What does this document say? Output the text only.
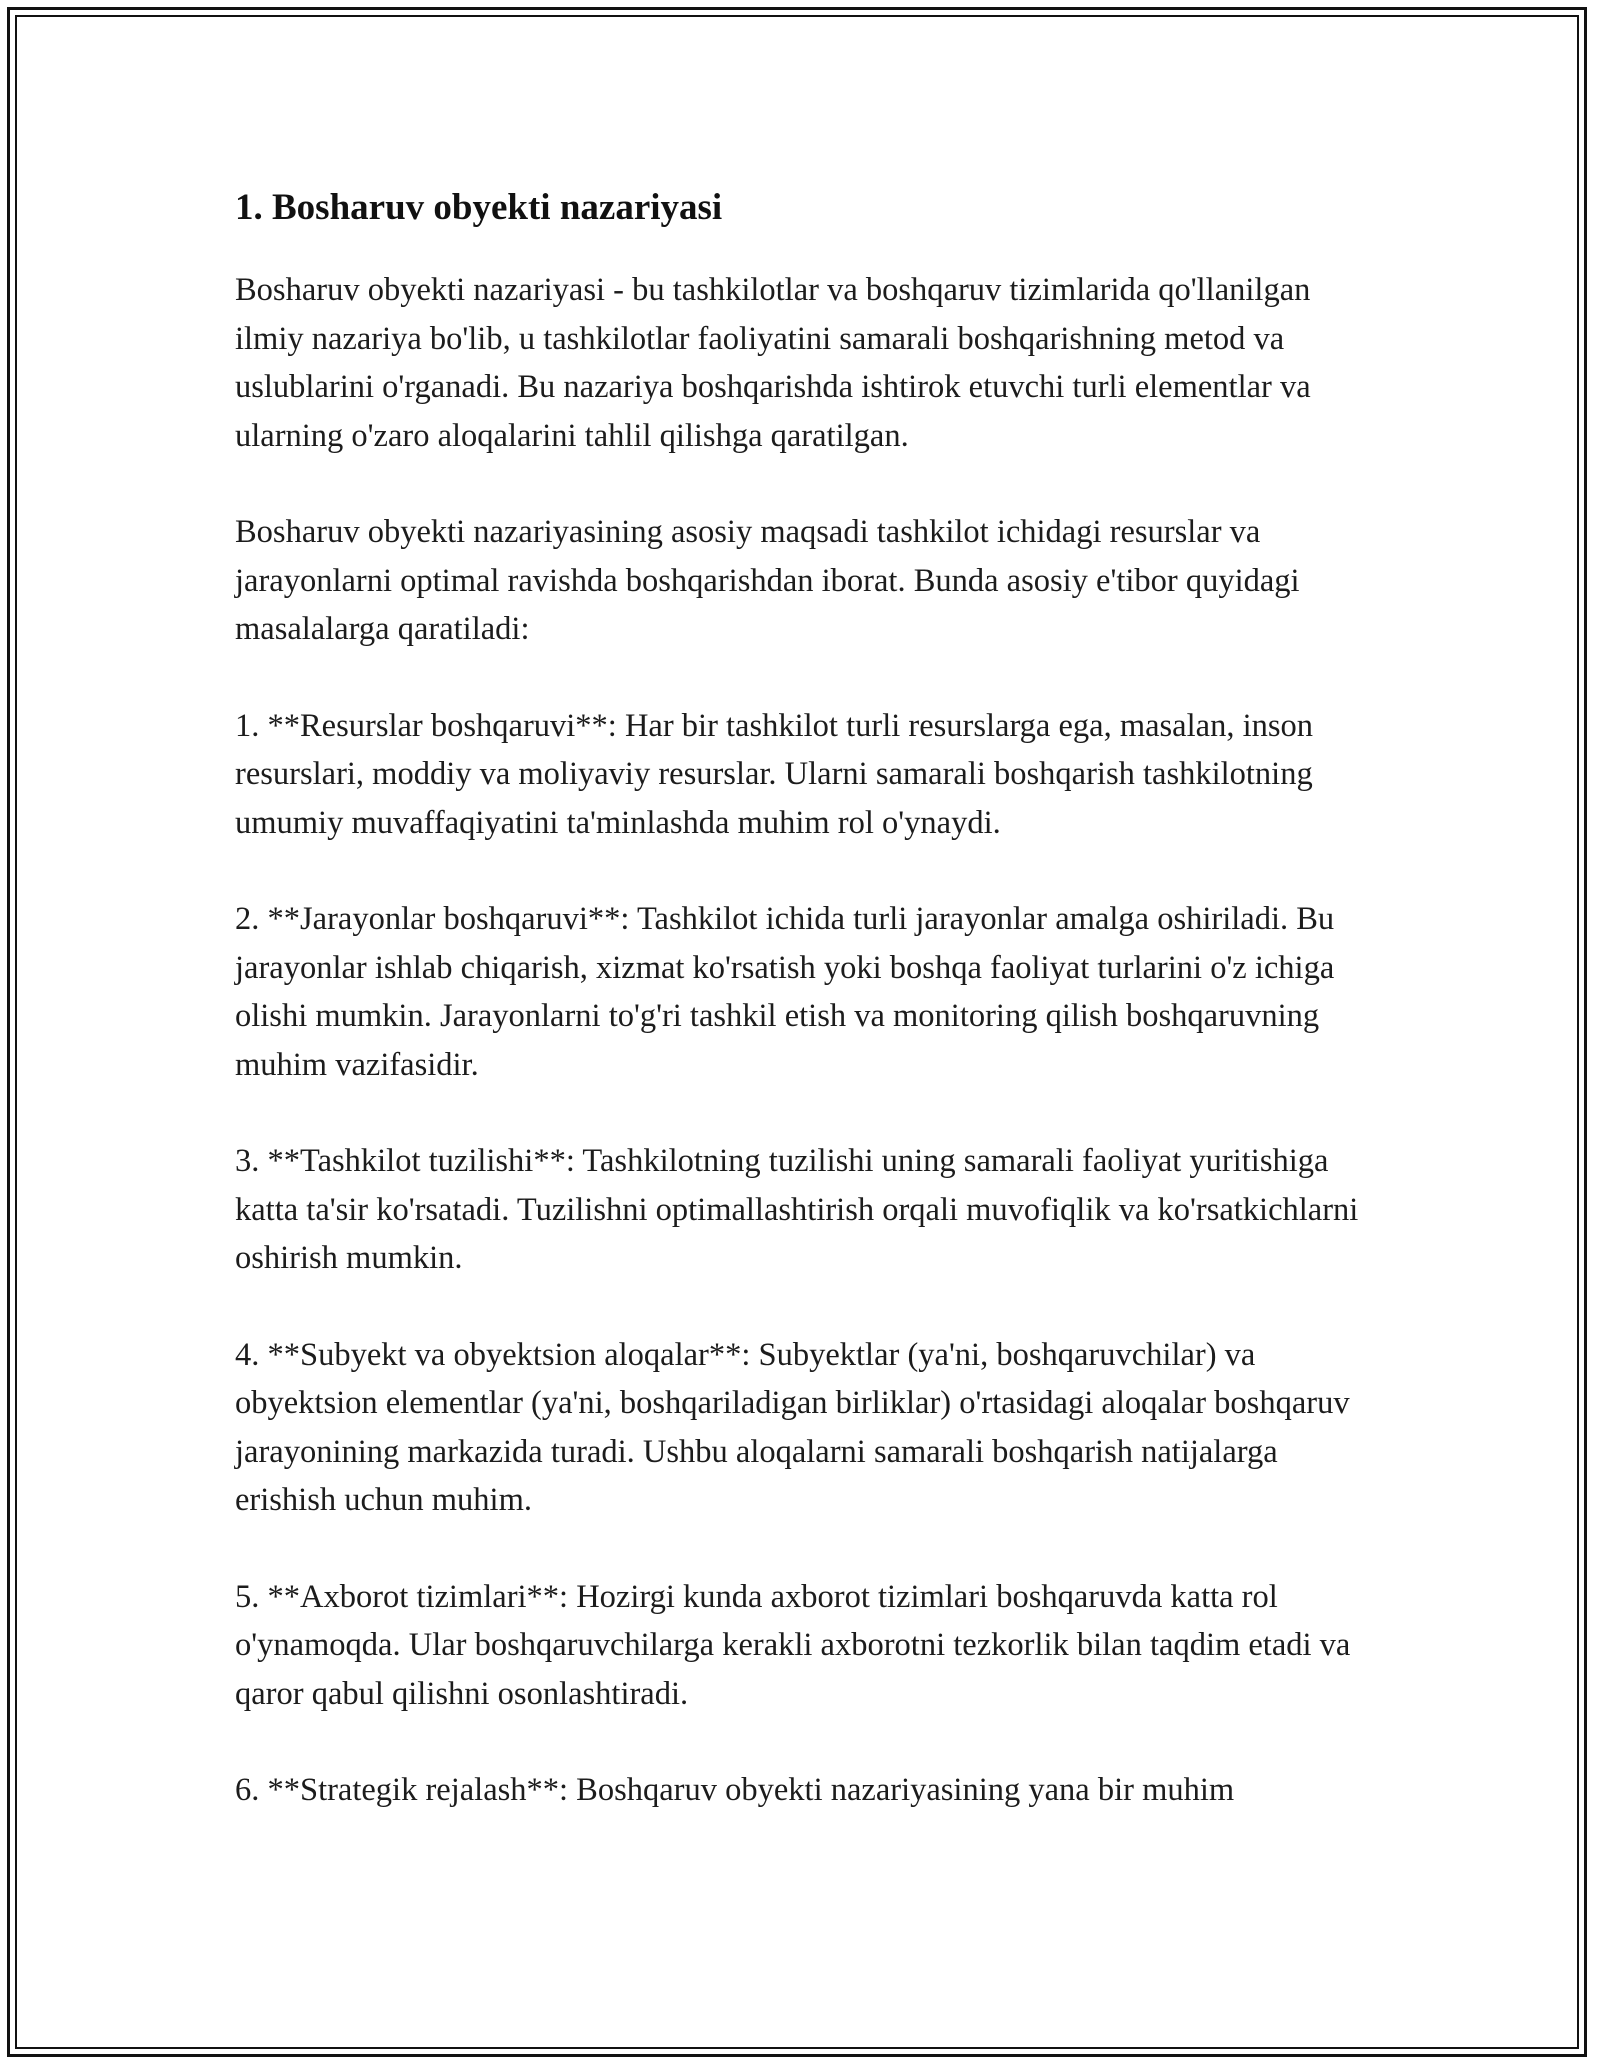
1. Bosharuv obyekti nazariyasi

Bosharuv obyekti nazariyasi - bu tashkilotlar va boshqaruv tizimlarida qo'llanilgan ilmiy nazariya bo'lib, u tashkilotlar faoliyatini samarali boshqarishning metod va uslublarini o'rganadi. Bu nazariya boshqarishda ishtirok etuvchi turli elementlar va ularning o'zaro aloqalarini tahlil qilishga qaratilgan.

Bosharuv obyekti nazariyasining asosiy maqsadi tashkilot ichidagi resurslar va jarayonlarni optimal ravishda boshqarishdan iborat. Bunda asosiy e'tibor quyidagi masalalarga qaratiladi:

1. **Resurslar boshqaruvi**: Har bir tashkilot turli resurslarga ega, masalan, inson resurslari, moddiy va moliyaviy resurslar. Ularni samarali boshqarish tashkilotning umumiy muvaffaqiyatini ta'minlashda muhim rol o'ynaydi.

2. **Jarayonlar boshqaruvi**: Tashkilot ichida turli jarayonlar amalga oshiriladi. Bu jarayonlar ishlab chiqarish, xizmat ko'rsatish yoki boshqa faoliyat turlarini o'z ichiga olishi mumkin. Jarayonlarni to'g'ri tashkil etish va monitoring qilish boshqaruvning muhim vazifasidir.

3. **Tashkilot tuzilishi**: Tashkilotning tuzilishi uning samarali faoliyat yuritishiga katta ta'sir ko'rsatadi. Tuzilishni optimallashtirish orqali muvofiqlik va ko'rsatkichlarni oshirish mumkin.

4. **Subyekt va obyektsion aloqalar**: Subyektlar (ya'ni, boshqaruvchilar) va obyektsion elementlar (ya'ni, boshqariladigan birliklar) o'rtasidagi aloqalar boshqaruv jarayonining markazida turadi. Ushbu aloqalarni samarali boshqarish natijalarga erishish uchun muhim.

5. **Axborot tizimlari**: Hozirgi kunda axborot tizimlari boshqaruvda katta rol o'ynamoqda. Ular boshqaruvchilarga kerakli axborotni tezkorlik bilan taqdim etadi va qaror qabul qilishni osonlashtiradi.

6. **Strategik rejalash**: Boshqaruv obyekti nazariyasining yana bir muhim
